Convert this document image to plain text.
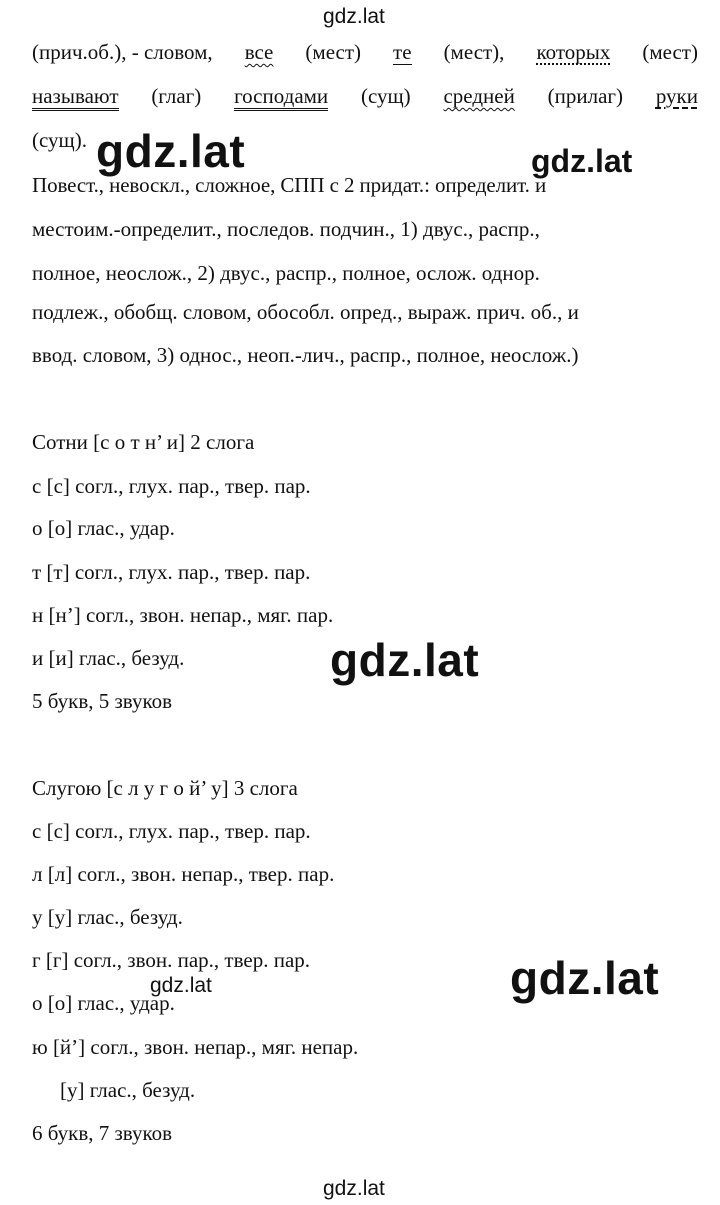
gdz.lat
gdz.lat	gdz.lat
gdz.lat
gdz.lat
gdz.lat
gdz.lat
(прич.об.), - словом, все (мест) те (мест), которых (мест)
называют (глаг) господами (сущ) средней (прилаг) руки
(сущ).
Повест., невоскл., сложное, СПП с 2 придат.: определит. и
местоим.-определит., последов. подчин., 1) двус., распр.,
полное, неослож., 2) двус., распр., полное, ослож. однор.
подлеж., обобщ. словом, обособл. опред., выраж. прич. об., и
ввод. словом, 3) однос., неоп.-лич., распр., полное, неослож.)
Сотни [с о т н’ и] 2 слога
с [с] согл., глух. пар., твер. пар.
о [о] глас., удар.
т [т] согл., глух. пар., твер. пар.
н [н’] согл., звон. непар., мяг. пар.
и [и] глас., безуд.
5 букв, 5 звуков
Слугою [с л у г о й’ у] 3 слога
с [с] согл., глух. пар., твер. пар.
л [л] согл., звон. непар., твер. пар.
у [у] глас., безуд.
г [г] согл., звон. пар., твер. пар.
о [о] глас., удар.
ю [й’] согл., звон. непар., мяг. непар.
[у] глас., безуд.
6 букв, 7 звуков
